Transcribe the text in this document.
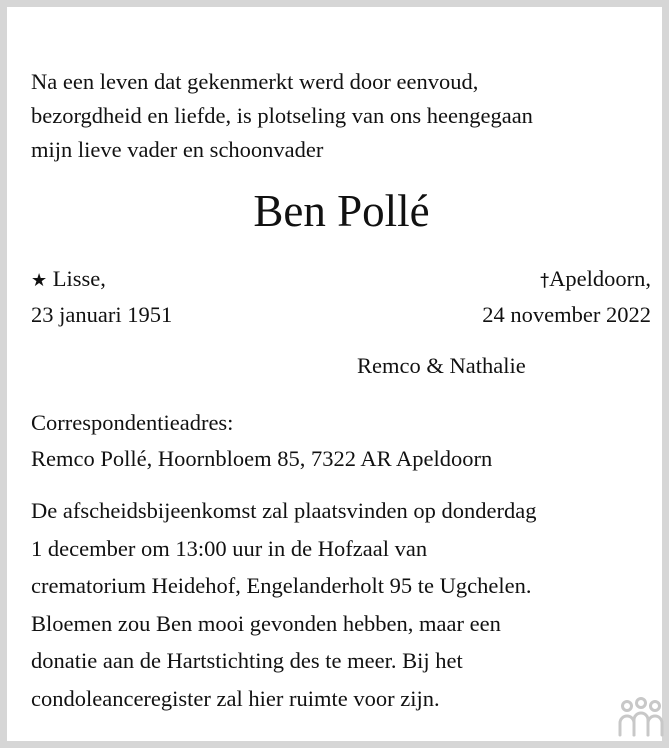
Na een leven dat gekenmerkt werd door eenvoud,
bezorgdheid en liefde, is plotseling van ons heengegaan
mijn lieve vader en schoonvader
Ben Pollé
★ Lisse,
23 januari 1951
†Apeldoorn,
24 november 2022
Remco & Nathalie
Correspondentieadres:
Remco Pollé, Hoornbloem 85, 7322 AR Apeldoorn
De afscheidsbijeenkomst zal plaatsvinden op donderdag
1 december om 13:00 uur in de Hofzaal van
crematorium Heidehof, Engelanderholt 95 te Ugchelen.
Bloemen zou Ben mooi gevonden hebben, maar een
donatie aan de Hartstichting des te meer. Bij het
condoleanceregister zal hier ruimte voor zijn.
